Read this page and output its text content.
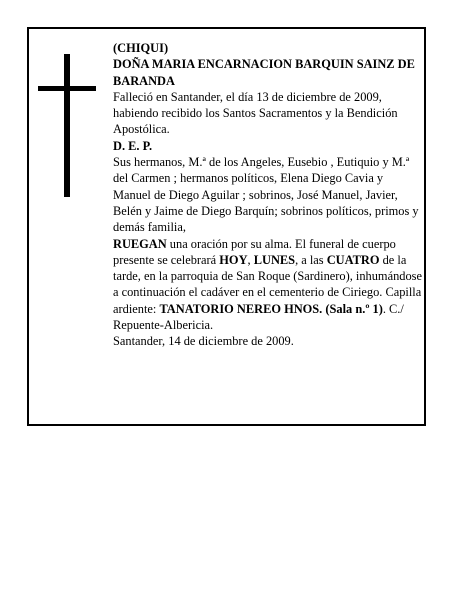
(CHIQUI)

DOÑA MARIA ENCARNACION BARQUIN SAINZ DE BARANDA

Falleció en Santander, el día 13 de diciembre de 2009, habiendo recibido los Santos Sacramentos y la Bendición Apostólica.

D. E. P.

Sus hermanos, M.ª de los Angeles, Eusebio , Eutiquio y M.ª del Carmen ; hermanos políticos, Elena Diego Cavia y Manuel de Diego Aguilar ; sobrinos, José Manuel, Javier, Belén y Jaime de Diego Barquín; sobrinos políticos, primos y demás familia,

RUEGAN una oración por su alma. El funeral de cuerpo presente se celebrará HOY, LUNES, a las CUATRO de la tarde, en la parroquia de San Roque (Sardinero), inhumándose a continuación el cadáver en el cementerio de Ciriego. Capilla ardiente: TANATORIO NEREO HNOS. (Sala n.º 1). C./ Repuente-Albericia.

Santander, 14 de diciembre de 2009.
